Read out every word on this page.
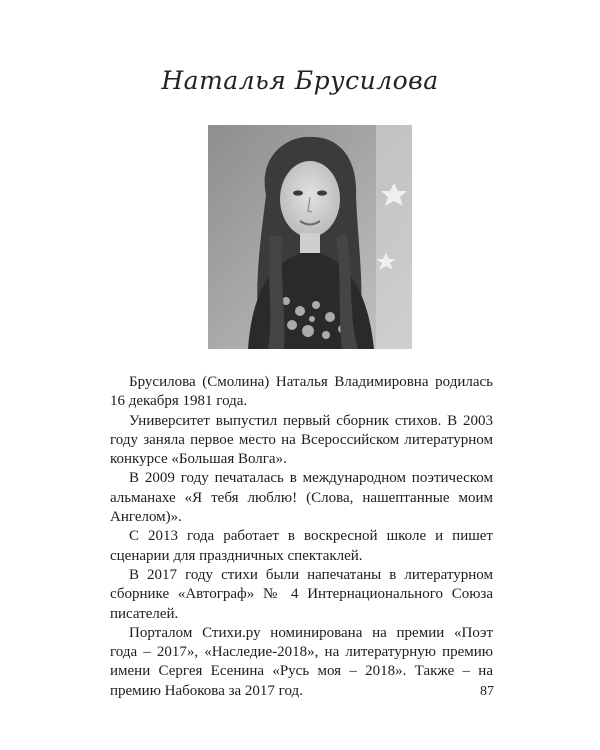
Наталья Брусилова

Брусилова (Смолина) Наталья Владимировна родилась 16 декабря 1981 года.

Университет выпустил первый сборник стихов. В 2003 году заняла первое место на Всероссийском литературном конкурсе «Большая Волга».

В 2009 году печаталась в международном поэтическом альманахе «Я тебя люблю! (Слова, нашептанные моим Ангелом)».

С 2013 года работает в воскресной школе и пишет сценарии для праздничных спектаклей.

В 2017 году стихи были напечатаны в литературном сборнике «Автограф» № 4 Интернационального Союза писателей.

Порталом Стихи.ру номинирована на премии «Поэт года – 2017», «Наследие-2018», на литературную премию имени Сергея Есенина «Русь моя – 2018». Также – на премию Набокова за 2017 год.	87
